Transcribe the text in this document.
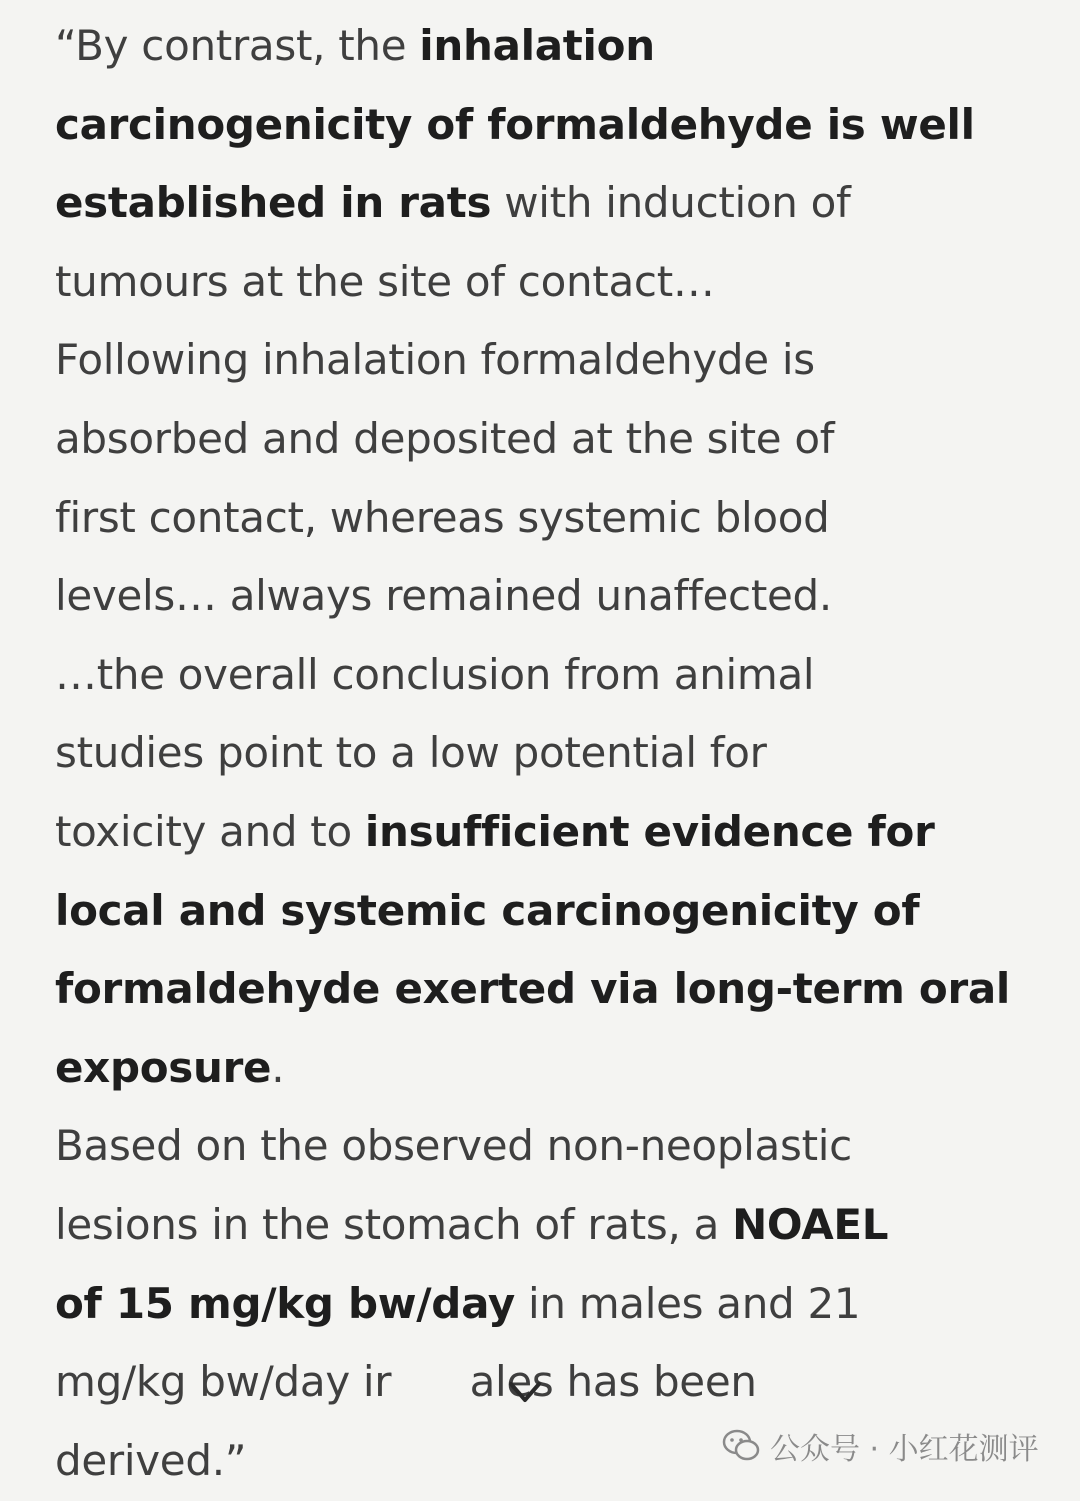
“By contrast, the inhalation
carcinogenicity of formaldehyde is well
established in rats with induction of
tumours at the site of contact…
Following inhalation formaldehyde is
absorbed and deposited at the site of
first contact, whereas systemic blood
levels… always remained unaffected.
…the overall conclusion from animal
studies point to a low potential for
toxicity and to insufficient evidence for
local and systemic carcinogenicity of
formaldehyde exerted via long-term oral
exposure.
Based on the observed non-neoplastic
lesions in the stomach of rats, a NOAEL
of 15 mg/kg bw/day in males and 21
mg/kg bw/day ir ales has been
derived.”	公众号 · 小红花测评
